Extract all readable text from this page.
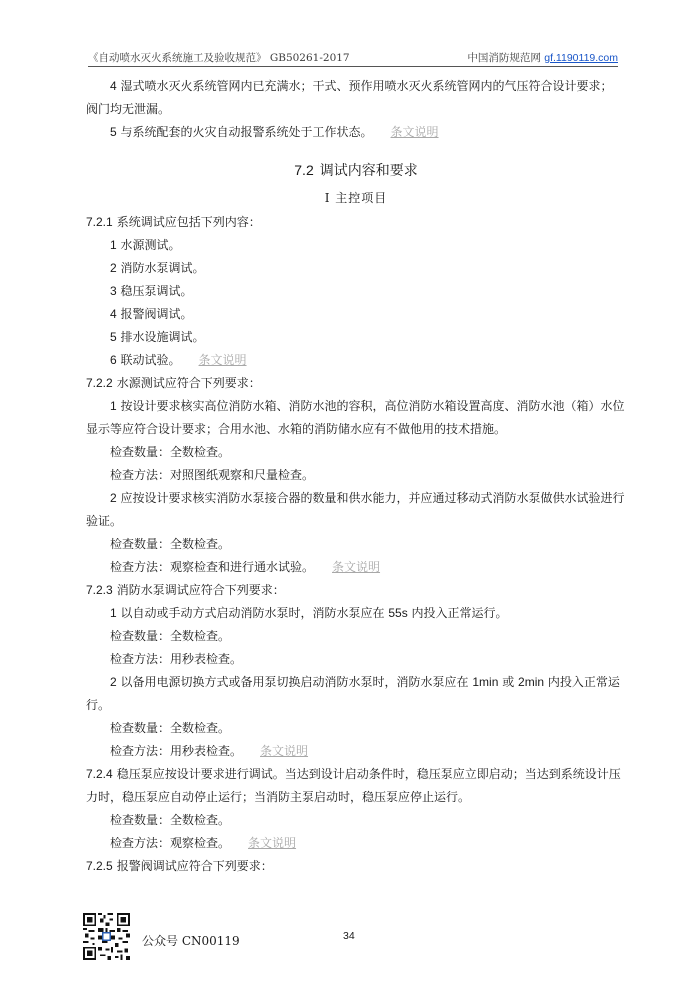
《自动喷水灭火系统施工及验收规范》 GB50261-2017	中国消防规范网 gf.1190119.com

4 湿式喷水灭火系统管网内已充满水；干式、预作用喷水灭火系统管网内的气压符合设计要求；

阀门均无泄漏。

5 与系统配套的火灾自动报警系统处于工作状态。 条文说明

7.2 调试内容和要求

Ⅰ 主控项目

7.2.1 系统调试应包括下列内容：

1 水源测试。

2 消防水泵调试。

3 稳压泵调试。

4 报警阀调试。

5 排水设施调试。

6 联动试验。 条文说明

7.2.2 水源测试应符合下列要求：

1 按设计要求核实高位消防水箱、消防水池的容积，高位消防水箱设置高度、消防水池（箱）水位显示等应符合设计要求；合用水池、水箱的消防储水应有不做他用的技术措施。

检查数量：全数检查。

检查方法：对照图纸观察和尺量检查。

2 应按设计要求核实消防水泵接合器的数量和供水能力，并应通过移动式消防水泵做供水试验进行验证。

检查数量：全数检查。

检查方法：观察检查和进行通水试验。 条文说明

7.2.3 消防水泵调试应符合下列要求：

1 以自动或手动方式启动消防水泵时，消防水泵应在 55s 内投入正常运行。

检查数量：全数检查。

检查方法：用秒表检查。

2 以备用电源切换方式或备用泵切换启动消防水泵时，消防水泵应在 1min 或 2min 内投入正常运行。

检查数量：全数检查。

检查方法：用秒表检查。 条文说明

7.2.4 稳压泵应按设计要求进行调试。当达到设计启动条件时，稳压泵应立即启动；当达到系统设计压力时，稳压泵应自动停止运行；当消防主泵启动时，稳压泵应停止运行。

检查数量：全数检查。

检查方法：观察检查。 条文说明

7.2.5 报警阀调试应符合下列要求：

公众号 CN00119	34
